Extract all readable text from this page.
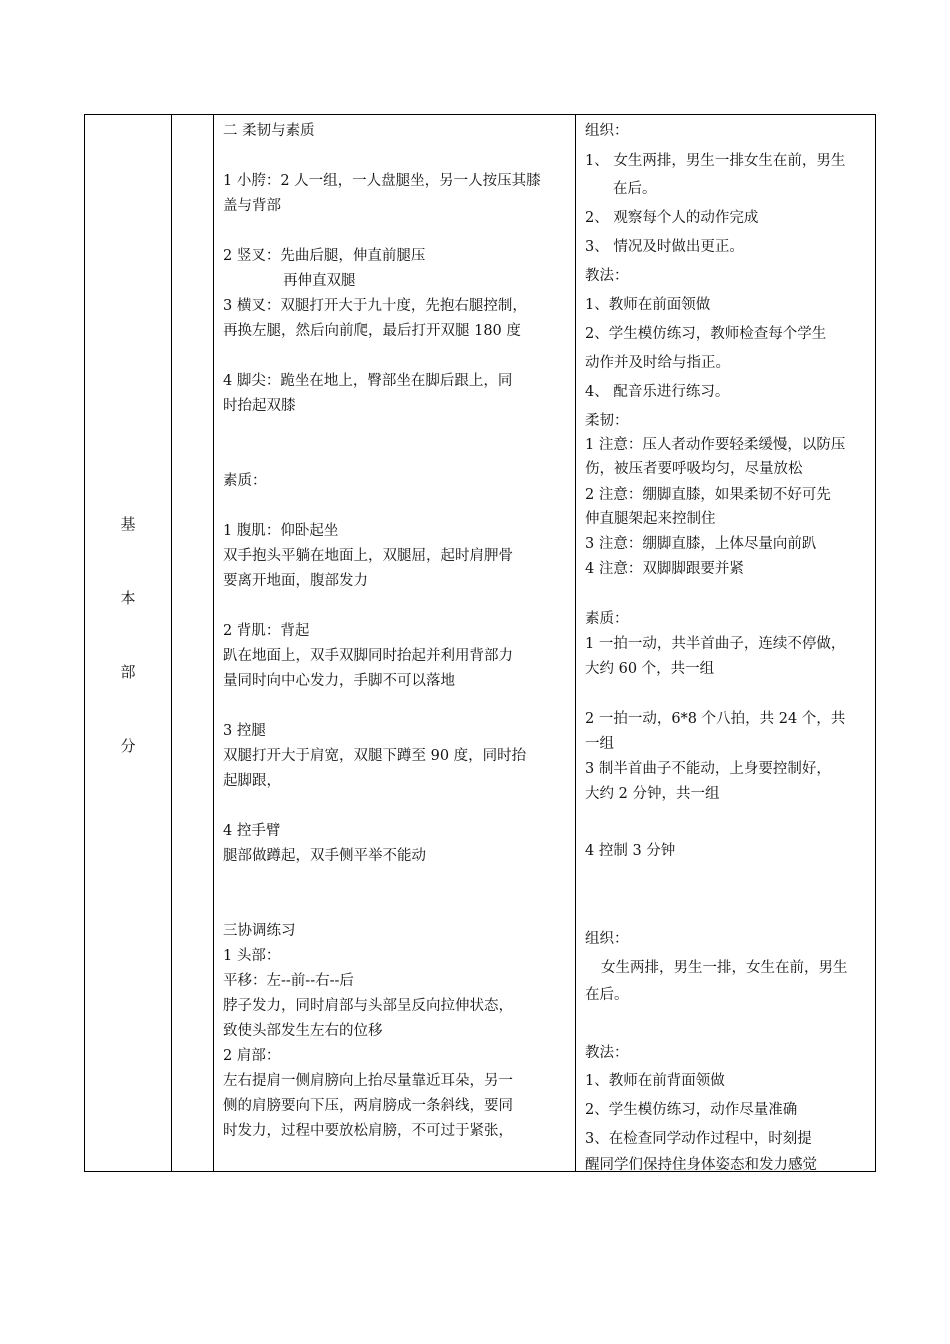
基
本
部
分
二 柔韧与素质
1 小胯：2 人一组，一人盘腿坐，另一人按压其膝
盖与背部
2 竖叉：先曲后腿，伸直前腿压
再伸直双腿
3 横叉：双腿打开大于九十度，先抱右腿控制，
再换左腿，然后向前爬，最后打开双腿 180 度
4 脚尖：跪坐在地上，臀部坐在脚后跟上，同
时抬起双膝
素质：
1 腹肌：仰卧起坐
双手抱头平躺在地面上，双腿屈，起时肩胛骨
要离开地面，腹部发力
2 背肌：背起
趴在地面上，双手双脚同时抬起并利用背部力
量同时向中心发力，手脚不可以落地
3 控腿
双腿打开大于肩宽，双腿下蹲至 90 度，同时抬
起脚跟，
4 控手臂
腿部做蹲起，双手侧平举不能动
三协调练习
1 头部：
平移：左--前--右--后
脖子发力，同时肩部与头部呈反向拉伸状态，
致使头部发生左右的位移
2 肩部：
左右提肩一侧肩膀向上抬尽量靠近耳朵，另一
侧的肩膀要向下压，两肩膀成一条斜线，要同
时发力，过程中要放松肩膀，不可过于紧张，
组织：
1、 女生两排，男生一排女生在前，男生
在后。
2、 观察每个人的动作完成
3、 情况及时做出更正。
教法：
1、教师在前面领做
2、学生模仿练习，教师检查每个学生
动作并及时给与指正。
4、 配音乐进行练习。
柔韧：
1 注意：压人者动作要轻柔缓慢，以防压
伤，被压者要呼吸均匀，尽量放松
2 注意：绷脚直膝，如果柔韧不好可先
伸直腿架起来控制住
3 注意：绷脚直膝，上体尽量向前趴
4 注意：双脚脚跟要并紧
素质：
1 一拍一动，共半首曲子，连续不停做，
大约 60 个，共一组
2 一拍一动，6*8 个八拍，共 24 个，共
一组
3 制半首曲子不能动，上身要控制好，
大约 2 分钟，共一组
4 控制 3 分钟
组织：
女生两排，男生一排，女生在前，男生
在后。
教法：
1、教师在前背面领做
2、学生模仿练习，动作尽量准确
3、在检查同学动作过程中，时刻提
醒同学们保持住身体姿态和发力感觉
